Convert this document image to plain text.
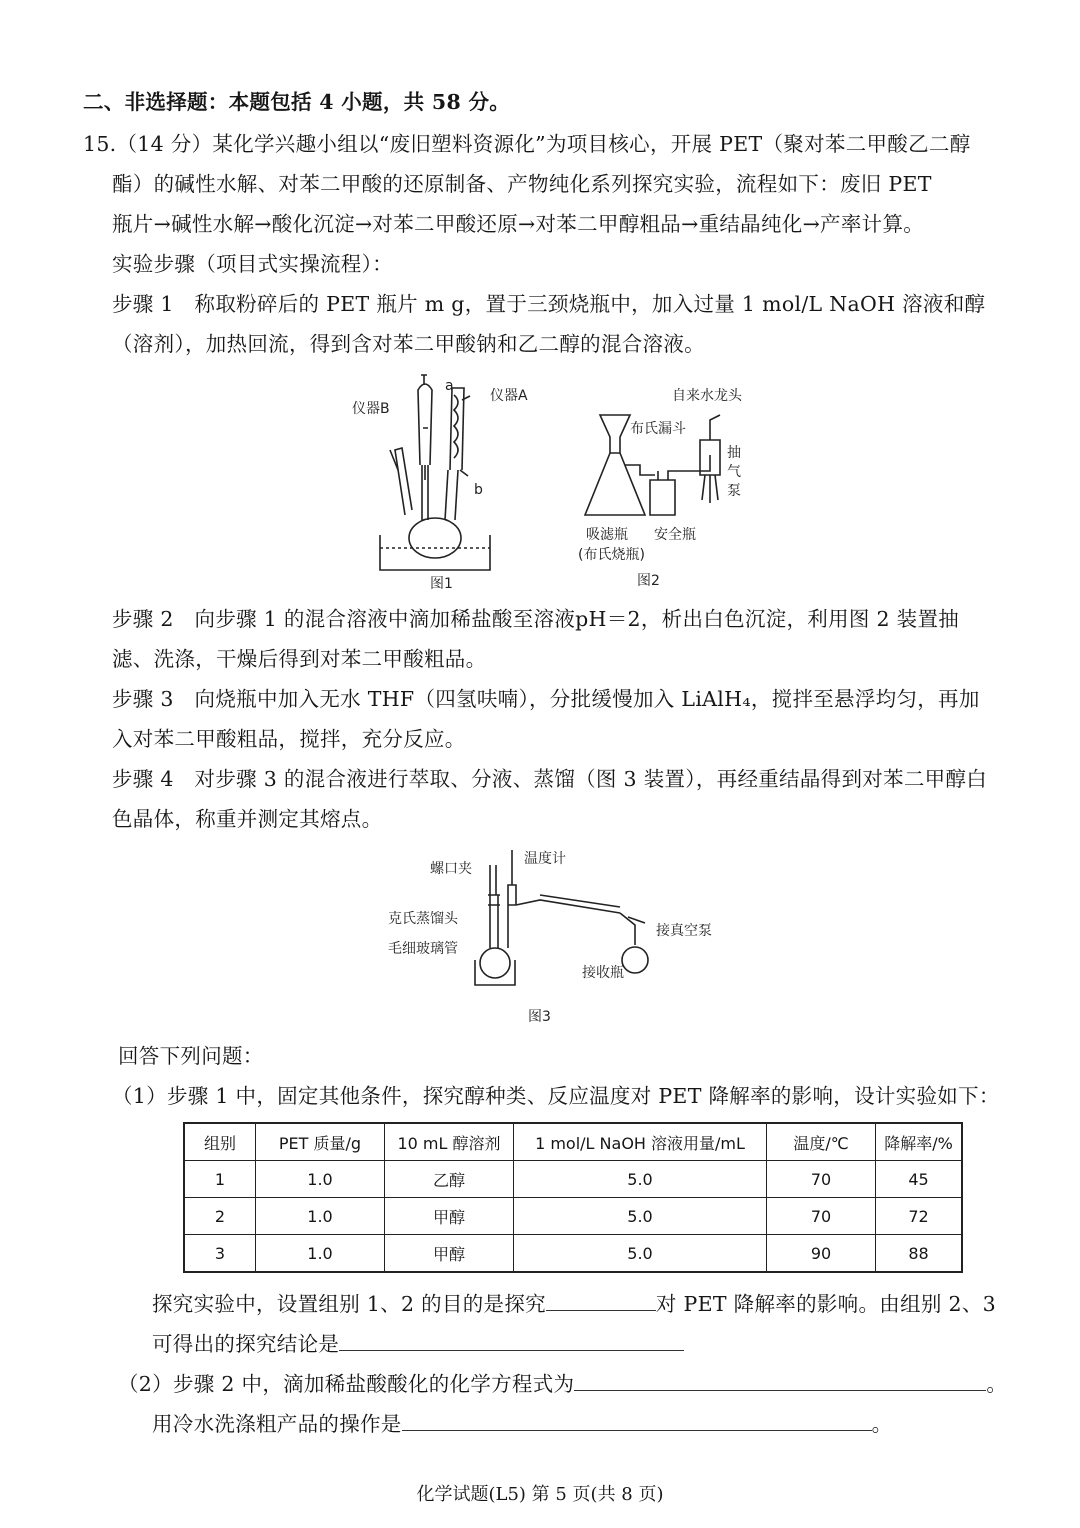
二、非选择题：本题包括 4 小题，共 58 分。
15.（14 分）某化学兴趣小组以“废旧塑料资源化”为项目核心，开展 PET（聚对苯二甲酸乙二醇
酯）的碱性水解、对苯二甲酸的还原制备、产物纯化系列探究实验，流程如下：废旧 PET
瓶片→碱性水解→酸化沉淀→对苯二甲酸还原→对苯二甲醇粗品→重结晶纯化→产率计算。
实验步骤（项目式实操流程）：
步骤 1　称取粉碎后的 PET 瓶片 m g，置于三颈烧瓶中，加入过量 1 mol/L NaOH 溶液和醇
（溶剂），加热回流，得到含对苯二甲酸钠和乙二醇的混合溶液。
仪器B
a
仪器A
b
图1
自来水龙头
布氏漏斗
抽气泵
吸滤瓶
(布氏烧瓶)
安全瓶
图2
步骤 2　向步骤 1 的混合溶液中滴加稀盐酸至溶液pH＝2，析出白色沉淀，利用图 2 装置抽
滤、洗涤，干燥后得到对苯二甲酸粗品。
步骤 3　向烧瓶中加入无水 THF（四氢呋喃），分批缓慢加入 LiAlH₄，搅拌至悬浮均匀，再加
入对苯二甲酸粗品，搅拌，充分反应。
步骤 4　对步骤 3 的混合液进行萃取、分液、蒸馏（图 3 装置），再经重结晶得到对苯二甲醇白
色晶体，称重并测定其熔点。
螺口夹
温度计
克氏蒸馏头
毛细玻璃管
接真空泵
接收瓶
图3
回答下列问题：
（1）步骤 1 中，固定其他条件，探究醇种类、反应温度对 PET 降解率的影响，设计实验如下：
组别	PET 质量/g	10 mL 醇溶剂	1 mol/L NaOH 溶液用量/mL	温度/℃	降解率/%
1	1.0	乙醇	5.0	70	45
2	1.0	甲醇	5.0	70	72
3	1.0	甲醇	5.0	90	88
探究实验中，设置组别 1、2 的目的是探究	对 PET 降解率的影响。由组别 2、3
可得出的探究结论是
（2）步骤 2 中，滴加稀盐酸酸化的化学方程式为	。
用冷水洗涤粗产品的操作是	。
化学试题(L5) 第 5 页(共 8 页)
